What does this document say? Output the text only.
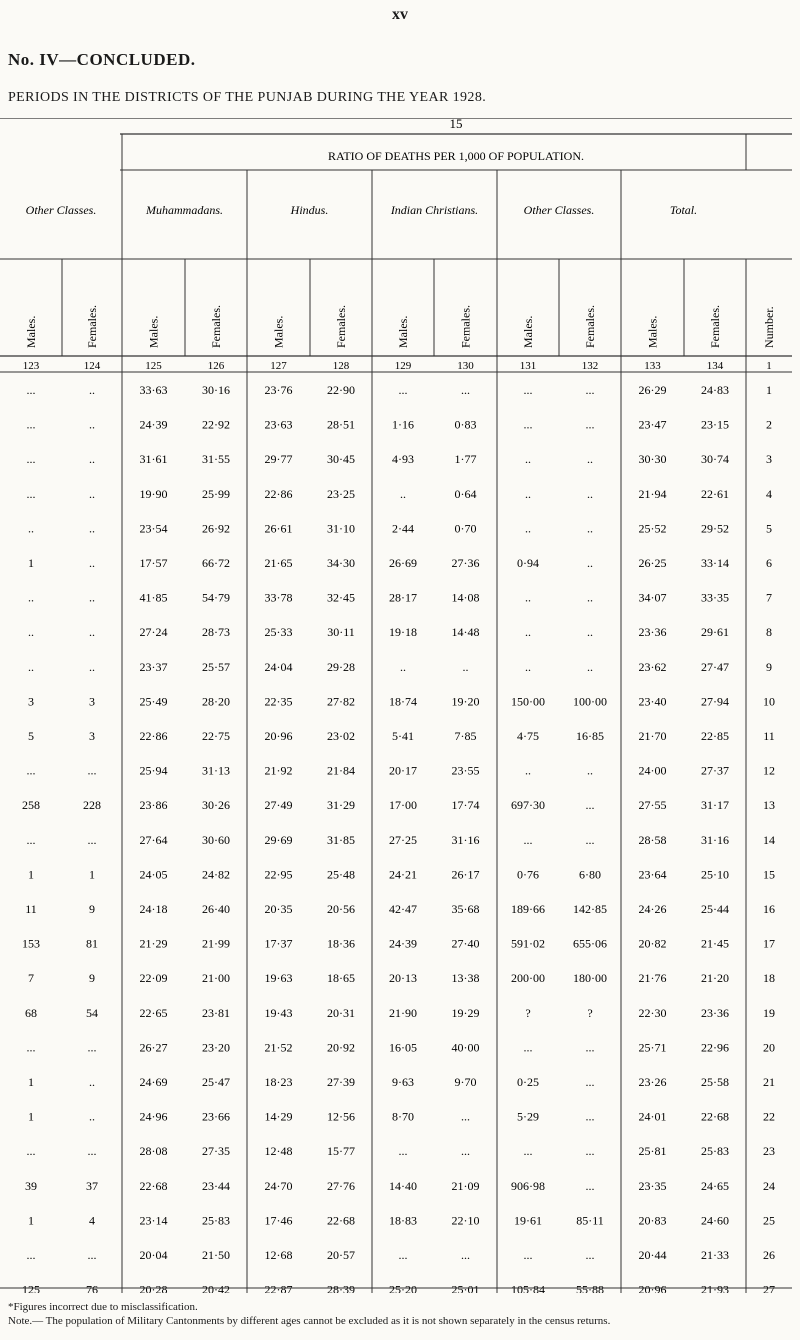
xv
No. IV—CONCLUDED.
PERIODS IN THE DISTRICTS OF THE PUNJAB DURING THE YEAR 1928.
15
RATIO OF DEATHS PER 1,000 OF POPULATION.
Other Classes.	Muhammadans.	Hindus.	Indian Christians.	Other Classes.	Total.
Males.	Females.	Males.	Females.	Males.	Females.	Males.	Females.	Males.	Females.	Males.	Females.	Number.
123	124	125	126	127	128	129	130	131	132	133	134	1
...	..	33·63	30·16	23·76	22·90	...	...	...	...	26·29	24·83	1
...	..	24·39	22·92	23·63	28·51	1·16	0·83	...	...	23·47	23·15	2
...	..	31·61	31·55	29·77	30·45	4·93	1·77	..	..	30·30	30·74	3
...	..	19·90	25·99	22·86	23·25	..	0·64	..	..	21·94	22·61	4
..	..	23·54	26·92	26·61	31·10	2·44	0·70	..	..	25·52	29·52	5
1	..	17·57	66·72	21·65	34·30	26·69	27·36	0·94	..	26·25	33·14	6
..	..	41·85	54·79	33·78	32·45	28·17	14·08	..	..	34·07	33·35	7
..	..	27·24	28·73	25·33	30·11	19·18	14·48	..	..	23·36	29·61	8
..	..	23·37	25·57	24·04	29·28	..	..	..	..	23·62	27·47	9
3	3	25·49	28·20	22·35	27·82	18·74	19·20	150·00 100·00	23·40	27·94	10
5	3	22·86	22·75	20·96	23·02	5·41	7·85	4·75	16·85	21·70	22·85	11
...	...	25·94	31·13	21·92	21·84	20·17	23·55	..	..	24·00	27·37	12
258	228	23·86	30·26	27·49	31·29	17·00	17·74	697·30	...	27·55	31·17	13
...	...	27·64	30·60	29·69	31·85	27·25	31·16	...	...	28·58	31·16	14
1	1	24·05	24·82	22·95	25·48	24·21	26·17	0·76	6·80	23·64	25·10	15
11	9	24·18	26·40	20·35	20·56	42·47	35·68	189·66 142·85	24·26	25·44	16
153	81	21·29	21·99	17·37	18·36	24·39	27·40	591·02 655·06	20·82	21·45	17
7	9	22·09	21·00	19·63	18·65	20·13	13·38	200·00 180·00	21·76	21·20	18
68	54	22·65	23·81	19·43	20·31	21·90	19·29	?	?	22·30	23·36	19
...	...	26·27	23·20	21·52	20·92	16·05	40·00	...	...	25·71	22·96	20
1	..	24·69	25·47	18·23	27·39	9·63	9·70	0·25	...	23·26	25·58	21
1	..	24·96	23·66	14·29	12·56	8·70	...	5·29	...	24·01	22·68	22
...	...	28·08	27·35	12·48	15·77	...	...	...	...	25·81	25·83	23
39	37	22·68	23·44	24·70	27·76	14·40	21·09	906·98	...	23·35	24·65	24
1	4	23·14	25·83	17·46	22·68	18·83	22·10	19·61	85·11	20·83	24·60	25
...	...	20·04	21·50	12·68	20·57	...	...	...	...	20·44	21·33	26
125	76	20·28	20·42	22·87	28·39	25·20	25·01	105·84	55·88	20·96	21·93	27
*Figures incorrect due to misclassification.
Note.— The population of Military Cantonments by different ages cannot be excluded as it is not shown separately in the census returns.
